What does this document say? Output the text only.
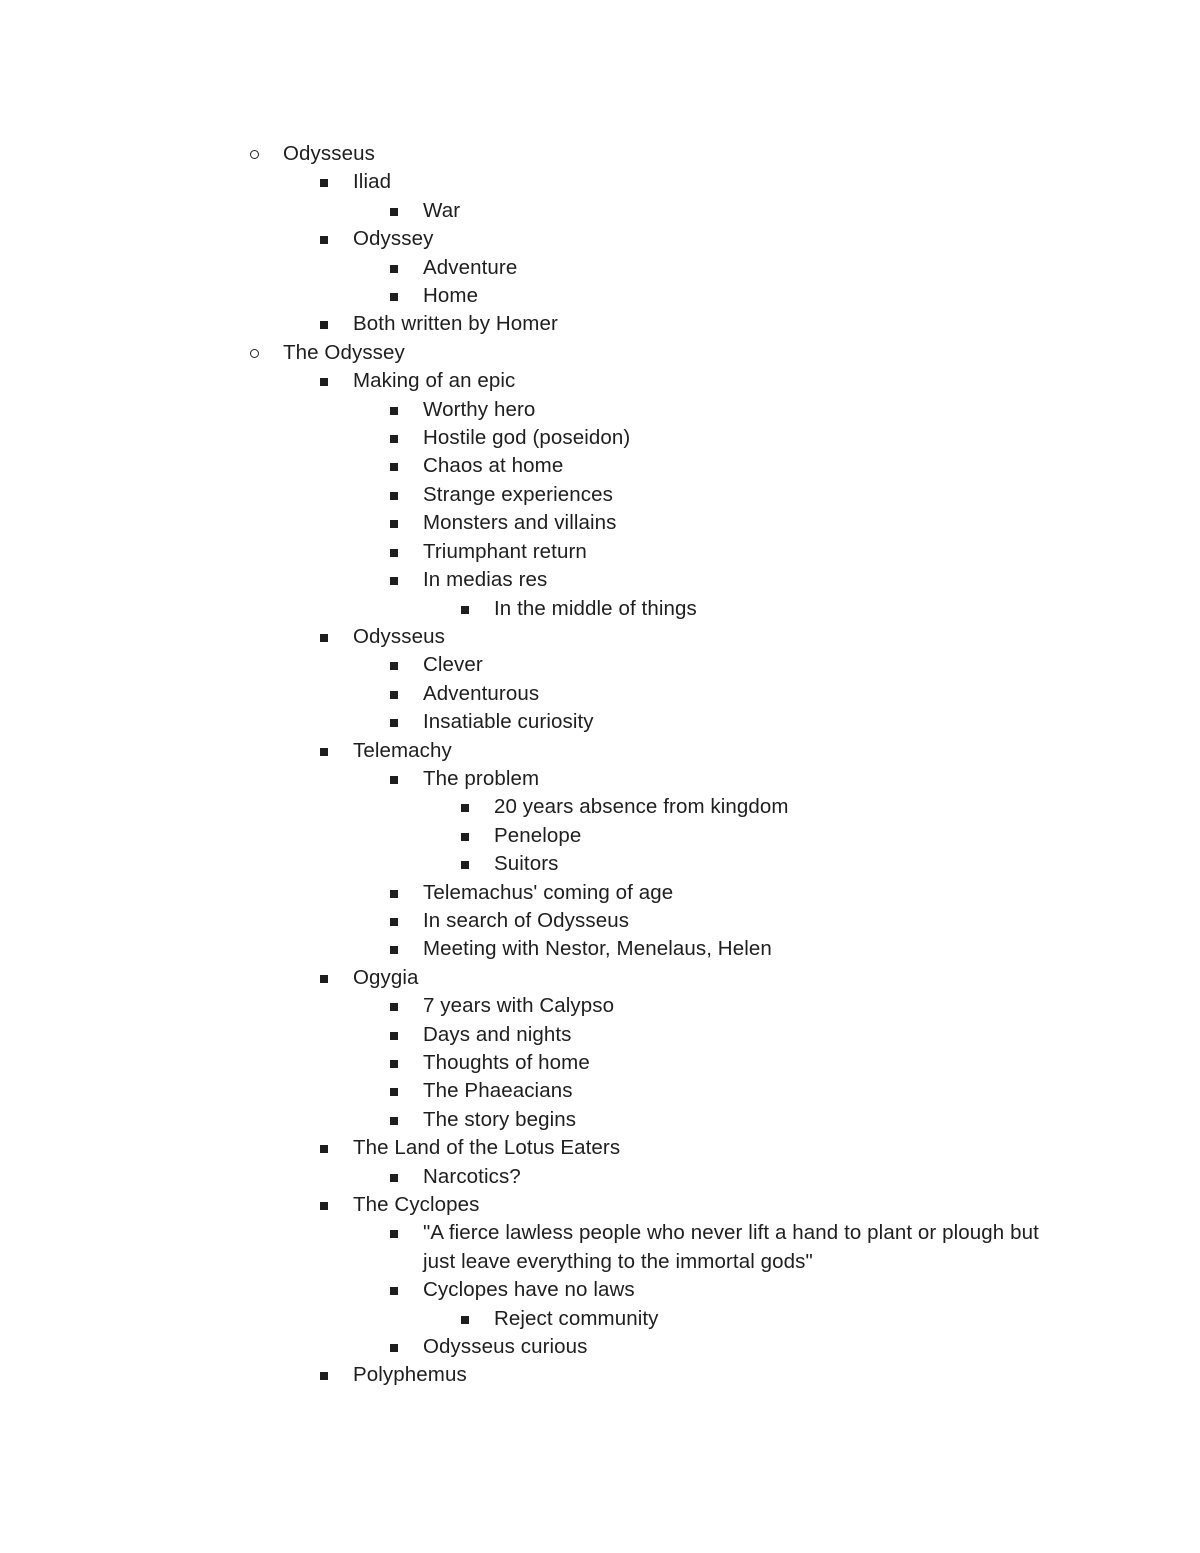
Odysseus
Iliad
War
Odyssey
Adventure
Home
Both written by Homer
The Odyssey
Making of an epic
Worthy hero
Hostile god (poseidon)
Chaos at home
Strange experiences
Monsters and villains
Triumphant return
In medias res
In the middle of things
Odysseus
Clever
Adventurous
Insatiable curiosity
Telemachy
The problem
20 years absence from kingdom
Penelope
Suitors
Telemachus' coming of age
In search of Odysseus
Meeting with Nestor, Menelaus, Helen
Ogygia
7 years with Calypso
Days and nights
Thoughts of home
The Phaeacians
The story begins
The Land of the Lotus Eaters
Narcotics?
The Cyclopes
"A fierce lawless people who never lift a hand to plant or plough but just leave everything to the immortal gods"
Cyclopes have no laws
Reject community
Odysseus curious
Polyphemus
